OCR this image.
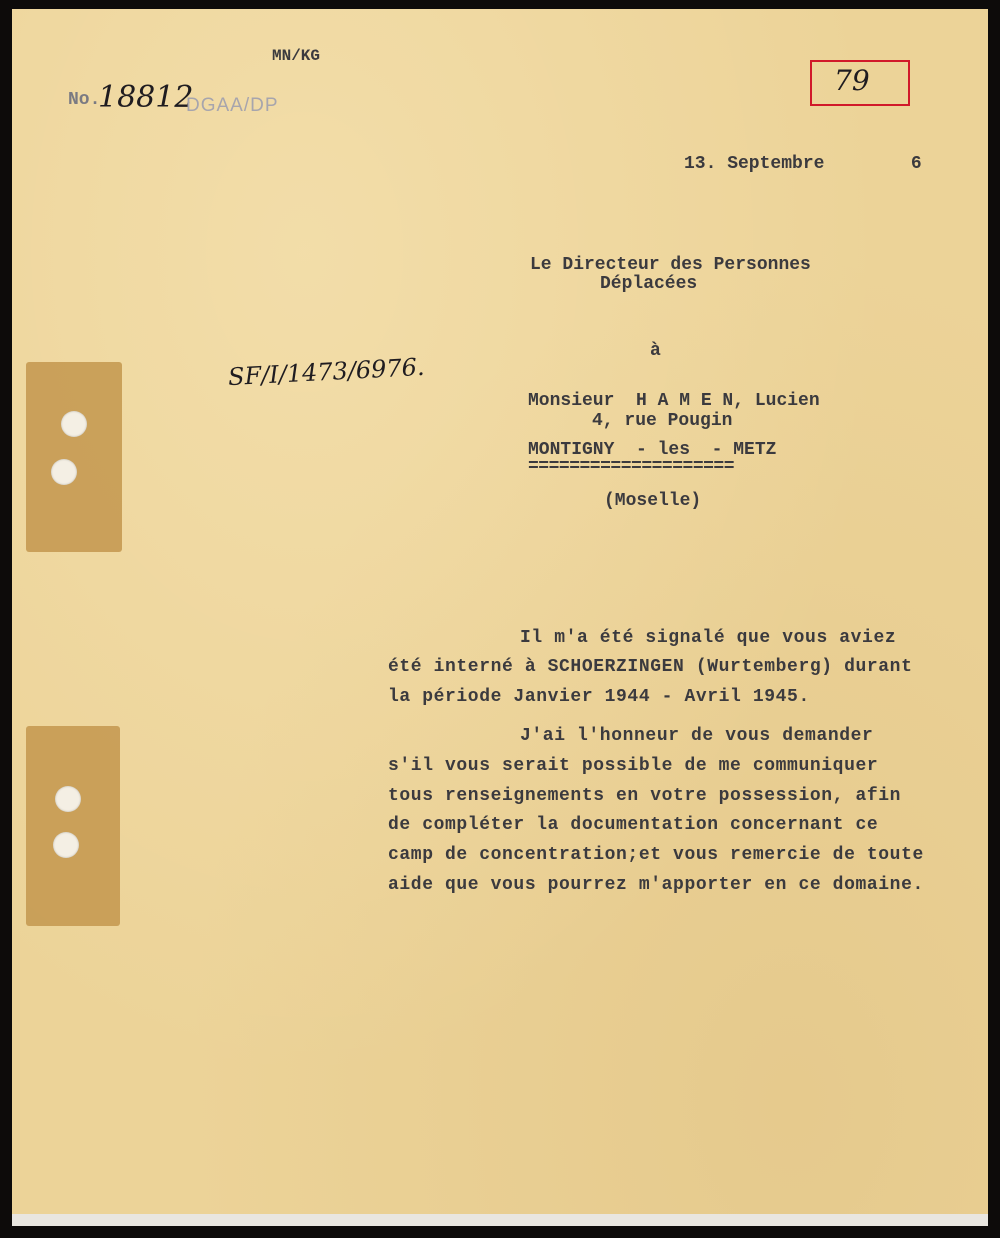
MN/KG
No.
18812
DGAA/DP
79
13. Septembre        6
Le Directeur des Personnes
Déplacées
à
SF/I/1473/6976.
Monsieur  H A M E N, Lucien
4, rue Pougin
MONTIGNY  - les  - METZ
====================
(Moselle)
Il m'a été signalé que vous aviez
été interné à SCHOERZINGEN (Wurtemberg) durant
la période Janvier 1944 - Avril 1945.
J'ai l'honneur de vous demander
s'il vous serait possible de me communiquer
tous renseignements en votre possession, afin
de compléter la documentation concernant ce
camp de concentration;et vous remercie de toute
aide que vous pourrez m'apporter en ce domaine.
